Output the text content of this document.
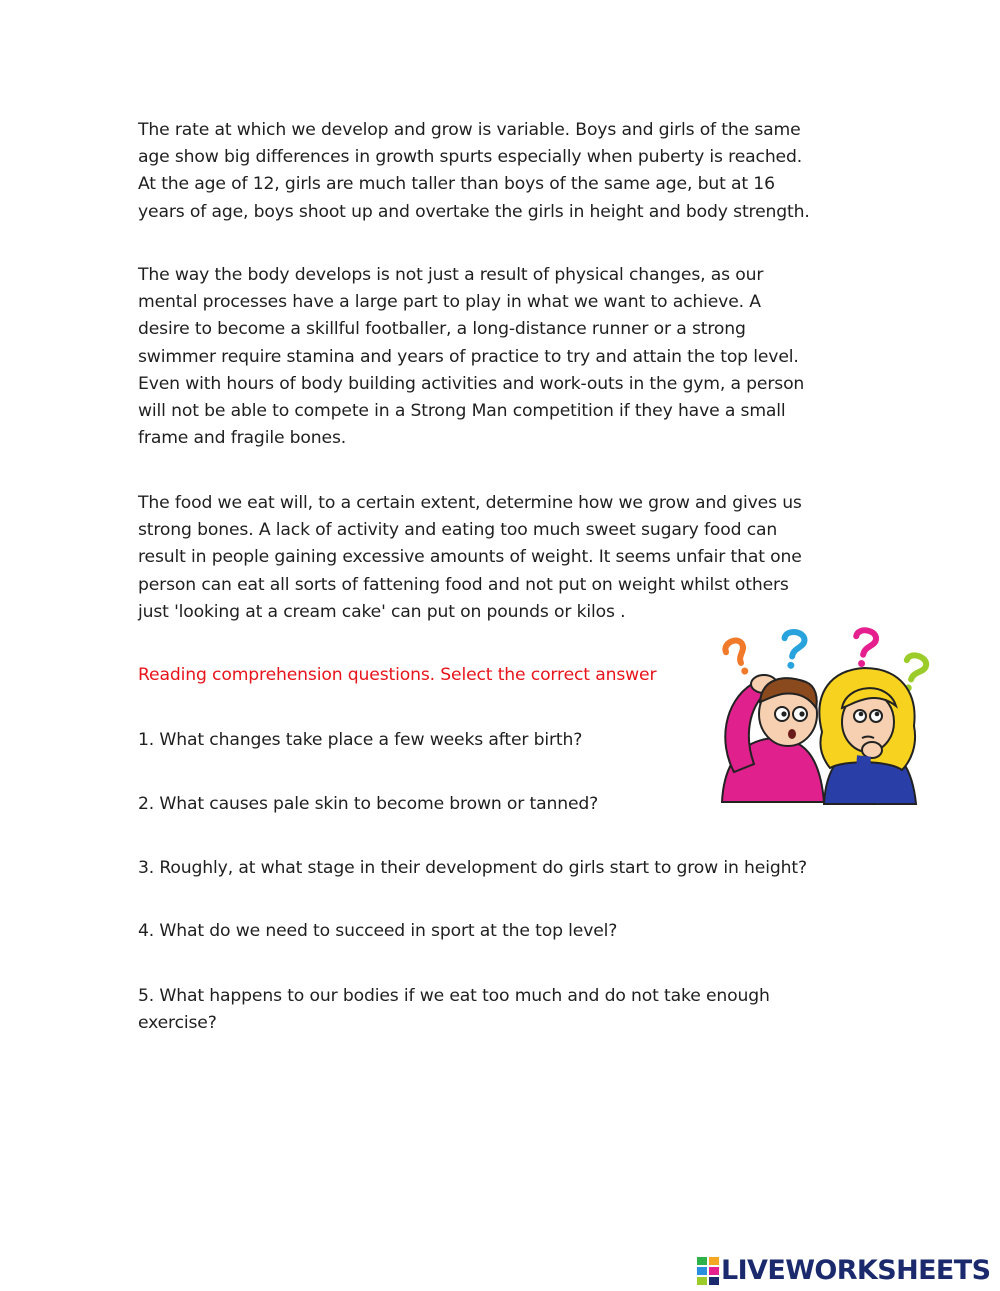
The rate at which we develop and grow is variable. Boys and girls of the same
age show big differences in growth spurts especially when puberty is reached.
At the age of 12, girls are much taller than boys of the same age, but at 16
years of age, boys shoot up and overtake the girls in height and body strength.

The way the body develops is not just a result of physical changes, as our
mental processes have a large part to play in what we want to achieve. A
desire to become a skillful footballer, a long-distance runner or a strong
swimmer require stamina and years of practice to try and attain the top level.
Even with hours of body building activities and work-outs in the gym, a person
will not be able to compete in a Strong Man competition if they have a small
frame and fragile bones.

The food we eat will, to a certain extent, determine how we grow and gives us
strong bones. A lack of activity and eating too much sweet sugary food can
result in people gaining excessive amounts of weight. It seems unfair that one
person can eat all sorts of fattening food and not put on weight whilst others
just 'looking at a cream cake' can put on pounds or kilos .

Reading comprehension questions. Select the correct answer
1. What changes take place a few weeks after birth?
2. What causes pale skin to become brown or tanned?
3. Roughly, at what stage in their development do girls start to grow in height?
4. What do we need to succeed in sport at the top level?
5. What happens to our bodies if we eat too much and do not take enough
exercise?
LIVEWORKSHEETS
